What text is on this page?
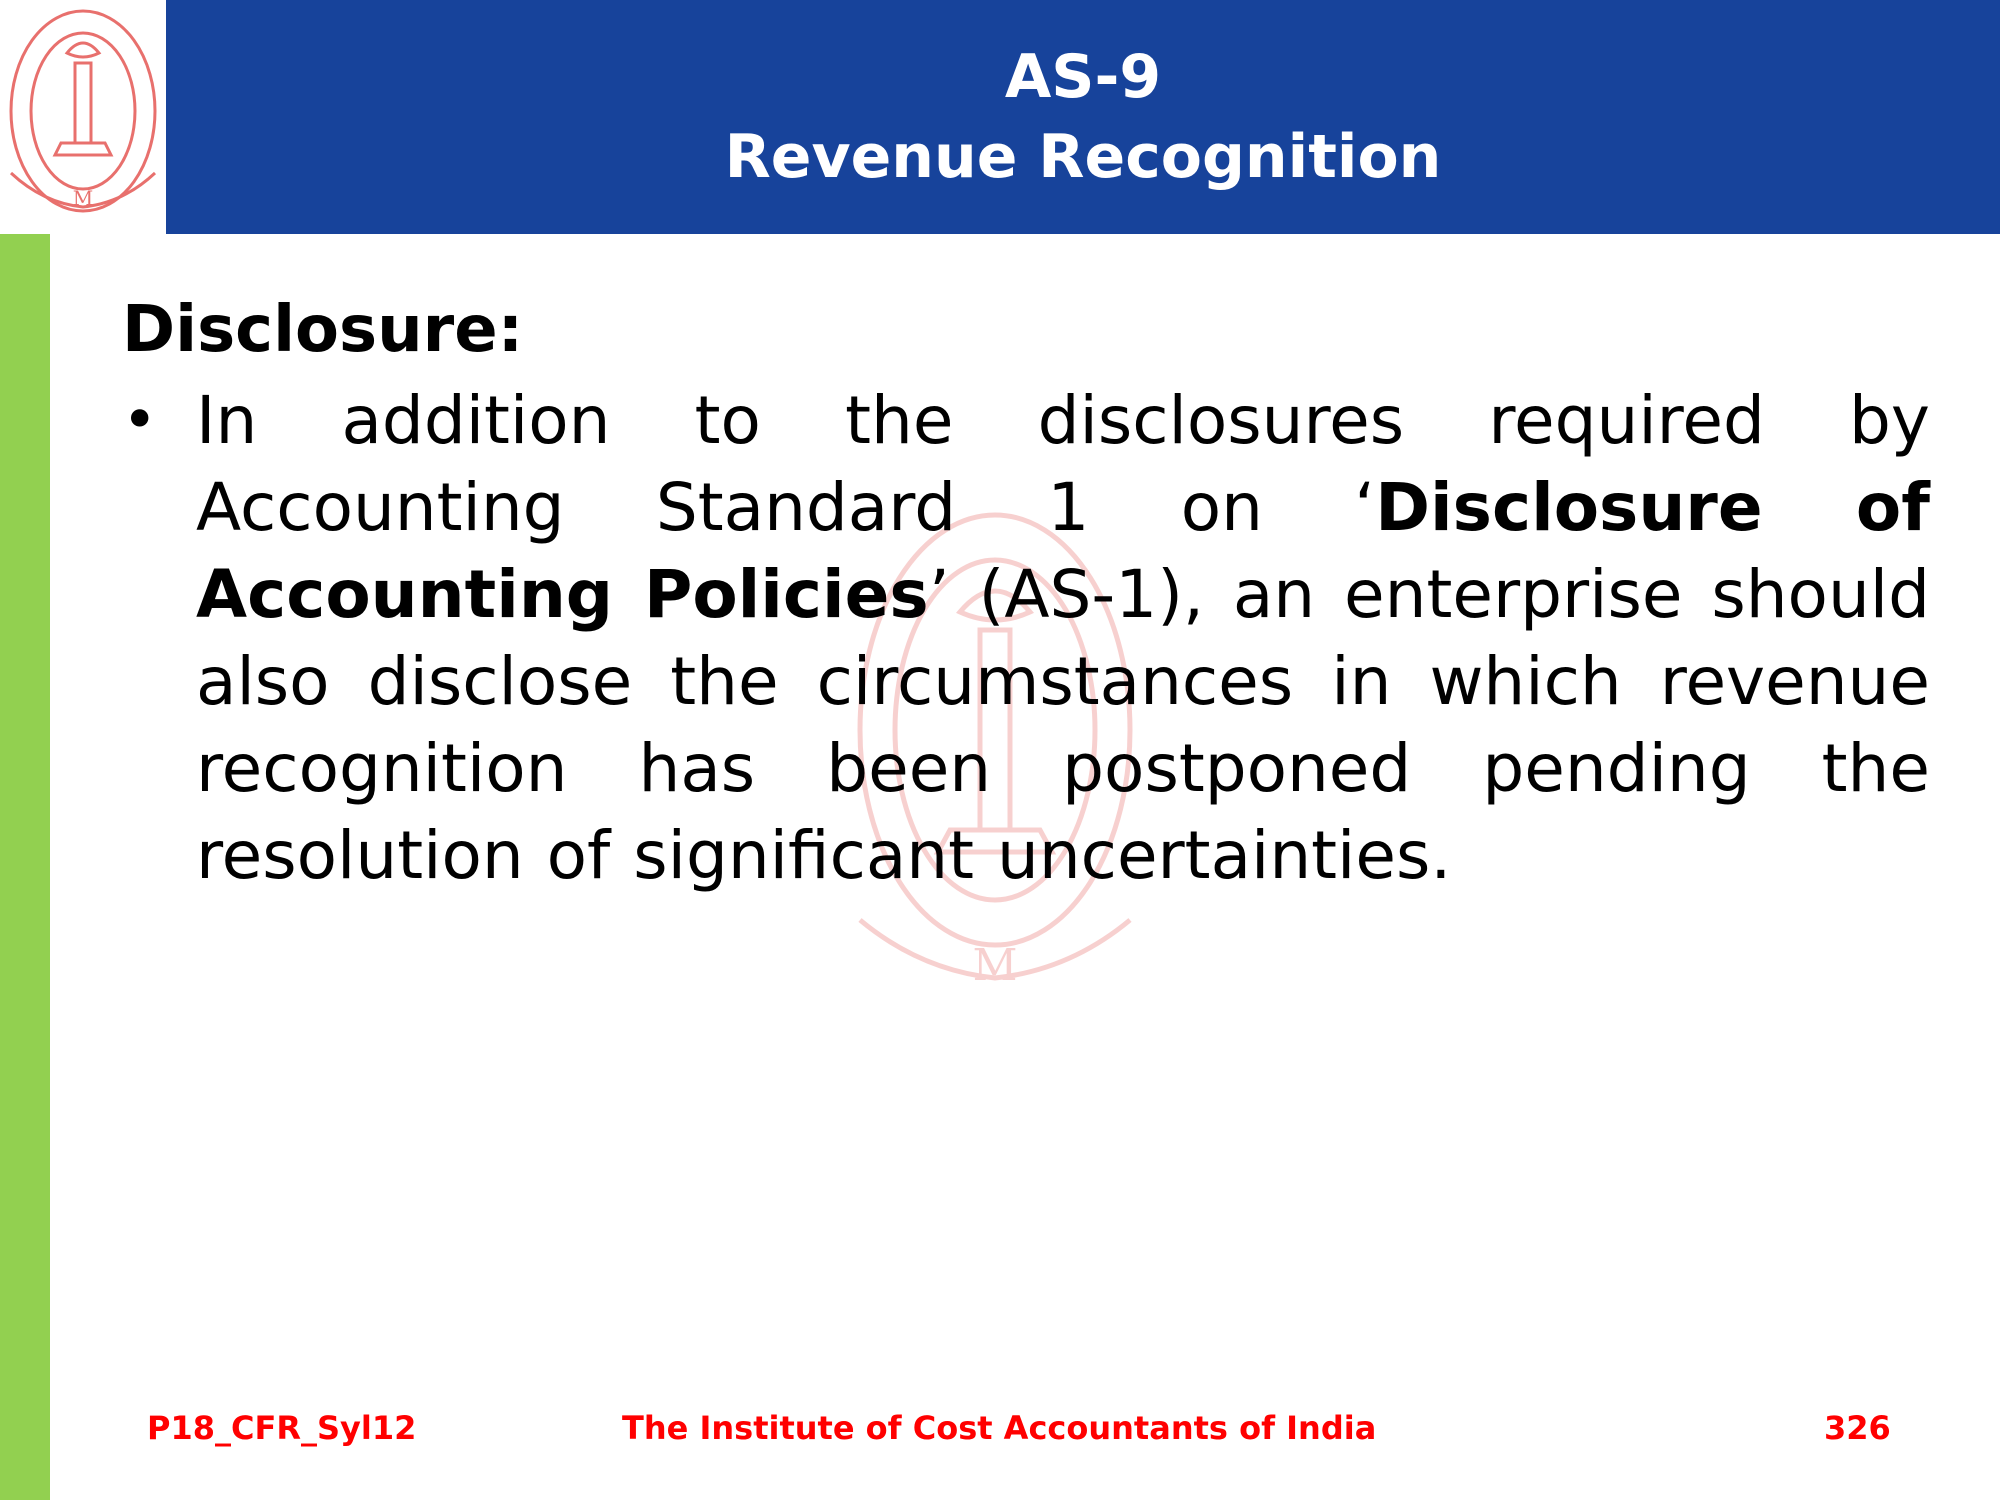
M
AS-9
Revenue Recognition
M
Disclosure:
• In addition to the disclosures required by Accounting Standard 1 on ‘Disclosure of Accounting Policies’ (AS-1), an enterprise should also disclose the circumstances in which revenue recognition has been postponed pending the resolution of significant uncertainties.
P18_CFR_Syl12	The Institute of Cost Accountants of India	326
